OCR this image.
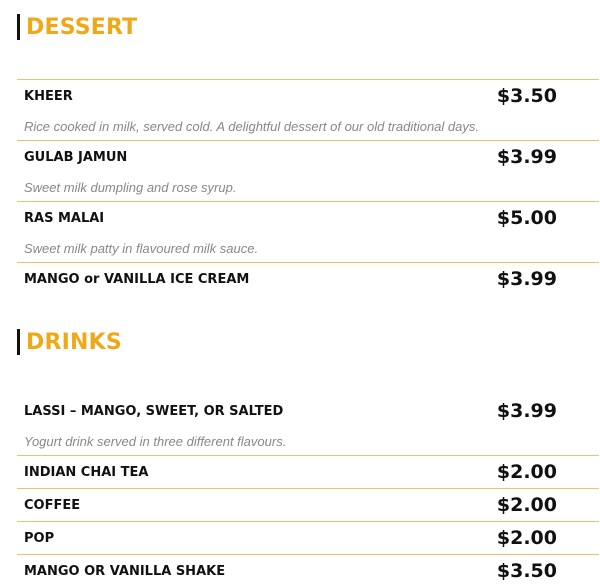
DESSERT
KHEER	$3.50
Rice cooked in milk, served cold. A delightful dessert of our old traditional days.
GULAB JAMUN	$3.99
Sweet milk dumpling and rose syrup.
RAS MALAI	$5.00
Sweet milk patty in flavoured milk sauce.
MANGO or VANILLA ICE CREAM	$3.99
DRINKS
LASSI – MANGO, SWEET, OR SALTED	$3.99
Yogurt drink served in three different flavours.
INDIAN CHAI TEA	$2.00
COFFEE	$2.00
POP	$2.00
MANGO OR VANILLA SHAKE	$3.50
